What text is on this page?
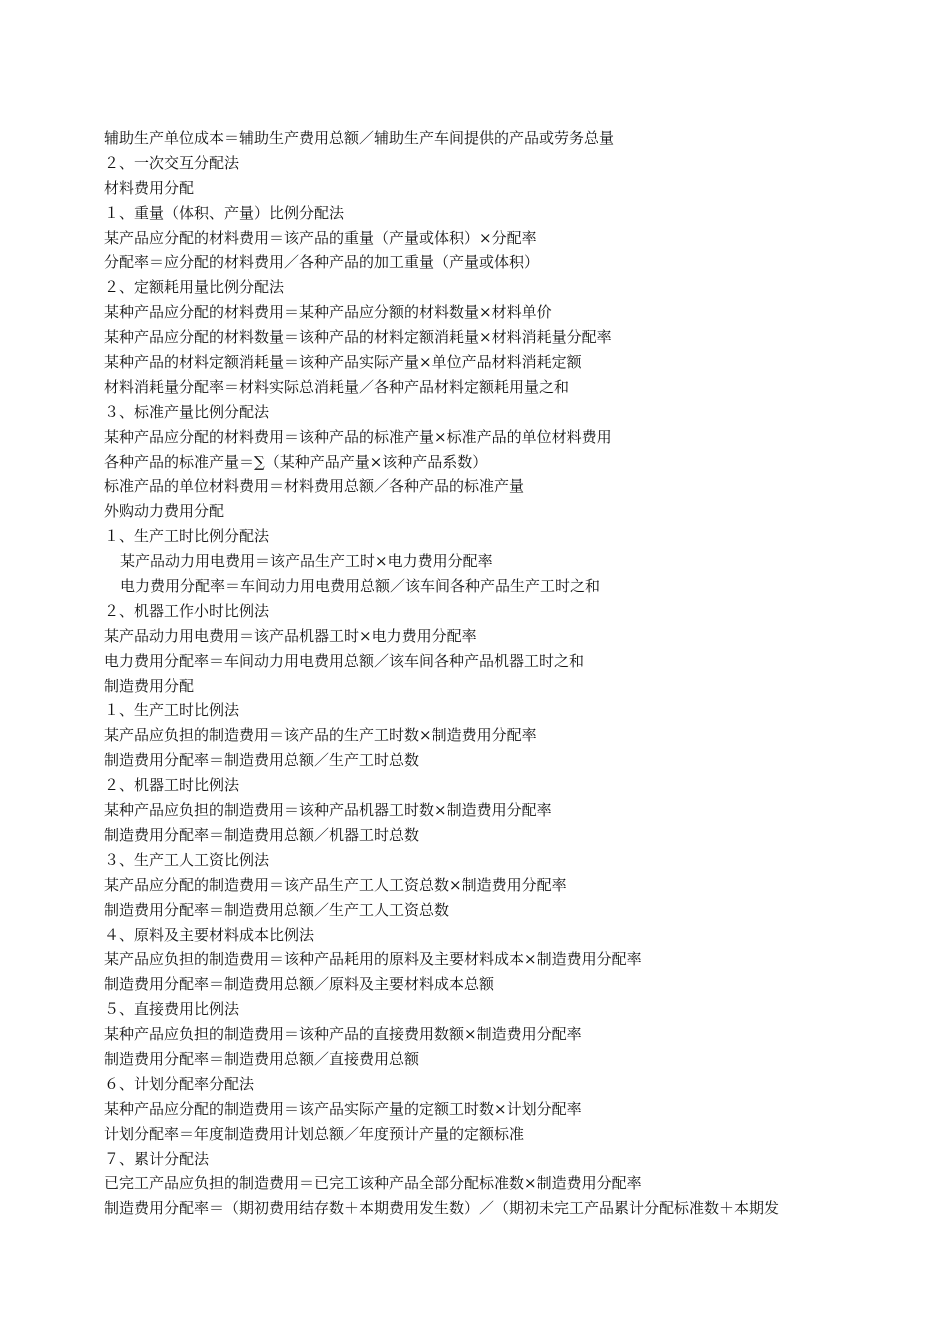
辅助生产单位成本＝辅助生产费用总额／辅助生产车间提供的产品或劳务总量
２、一次交互分配法
材料费用分配
１、重量（体积、产量）比例分配法
某产品应分配的材料费用＝该产品的重量（产量或体积）×分配率
分配率＝应分配的材料费用／各种产品的加工重量（产量或体积）
２、定额耗用量比例分配法
某种产品应分配的材料费用＝某种产品应分额的材料数量×材料单价
某种产品应分配的材料数量＝该种产品的材料定额消耗量×材料消耗量分配率
某种产品的材料定额消耗量＝该种产品实际产量×单位产品材料消耗定额
材料消耗量分配率＝材料实际总消耗量／各种产品材料定额耗用量之和
３、标准产量比例分配法
某种产品应分配的材料费用＝该种产品的标准产量×标准产品的单位材料费用
各种产品的标准产量＝∑（某种产品产量×该种产品系数）
标准产品的单位材料费用＝材料费用总额／各种产品的标准产量
外购动力费用分配
１、生产工时比例分配法
某产品动力用电费用＝该产品生产工时×电力费用分配率
电力费用分配率＝车间动力用电费用总额／该车间各种产品生产工时之和
２、机器工作小时比例法
某产品动力用电费用＝该产品机器工时×电力费用分配率
电力费用分配率＝车间动力用电费用总额／该车间各种产品机器工时之和
制造费用分配
１、生产工时比例法
某产品应负担的制造费用＝该产品的生产工时数×制造费用分配率
制造费用分配率＝制造费用总额／生产工时总数
２、机器工时比例法
某种产品应负担的制造费用＝该种产品机器工时数×制造费用分配率
制造费用分配率＝制造费用总额／机器工时总数
３、生产工人工资比例法
某产品应分配的制造费用＝该产品生产工人工资总数×制造费用分配率
制造费用分配率＝制造费用总额／生产工人工资总数
４、原料及主要材料成本比例法
某产品应负担的制造费用＝该种产品耗用的原料及主要材料成本×制造费用分配率
制造费用分配率＝制造费用总额／原料及主要材料成本总额
５、直接费用比例法
某种产品应负担的制造费用＝该种产品的直接费用数额×制造费用分配率
制造费用分配率＝制造费用总额／直接费用总额
６、计划分配率分配法
某种产品应分配的制造费用＝该产品实际产量的定额工时数×计划分配率
计划分配率＝年度制造费用计划总额／年度预计产量的定额标准
７、累计分配法
已完工产品应负担的制造费用＝已完工该种产品全部分配标准数×制造费用分配率
制造费用分配率＝（期初费用结存数＋本期费用发生数）／（期初未完工产品累计分配标准数＋本期发
